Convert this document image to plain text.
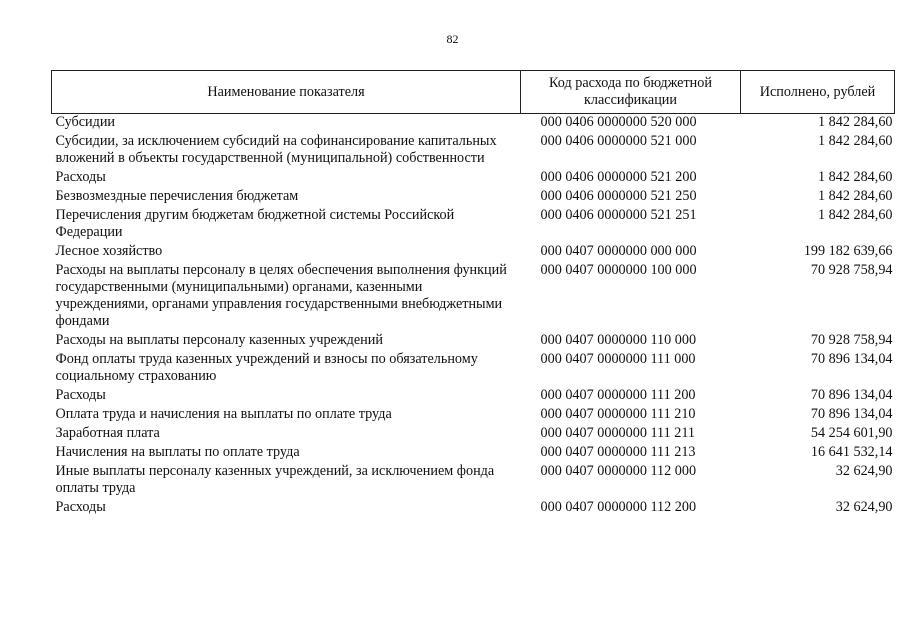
82
Наименование показателя	Код расхода по бюджетной классификации	Исполнено, рублей
Субсидии	000 0406 0000000 520 000	1 842 284,60
Субсидии, за исключением субсидий на софинансирование капитальных вложений в объекты государственной (муниципальной) собственности	000 0406 0000000 521 000	1 842 284,60
Расходы	000 0406 0000000 521 200	1 842 284,60
Безвозмездные перечисления бюджетам	000 0406 0000000 521 250	1 842 284,60
Перечисления другим бюджетам бюджетной системы Российской Федерации	000 0406 0000000 521 251	1 842 284,60
Лесное хозяйство	000 0407 0000000 000 000	199 182 639,66
Расходы на выплаты персоналу в целях обеспечения выполнения функций государственными (муниципальными) органами, казенными учреждениями, органами управления государственными внебюджетными фондами	000 0407 0000000 100 000	70 928 758,94
Расходы на выплаты персоналу казенных учреждений	000 0407 0000000 110 000	70 928 758,94
Фонд оплаты труда казенных учреждений и взносы по обязательному социальному страхованию	000 0407 0000000 111 000	70 896 134,04
Расходы	000 0407 0000000 111 200	70 896 134,04
Оплата труда и начисления на выплаты по оплате труда	000 0407 0000000 111 210	70 896 134,04
Заработная плата	000 0407 0000000 111 211	54 254 601,90
Начисления на выплаты по оплате труда	000 0407 0000000 111 213	16 641 532,14
Иные выплаты персоналу казенных учреждений, за исключением фонда оплаты труда	000 0407 0000000 112 000	32 624,90
Расходы	000 0407 0000000 112 200	32 624,90
